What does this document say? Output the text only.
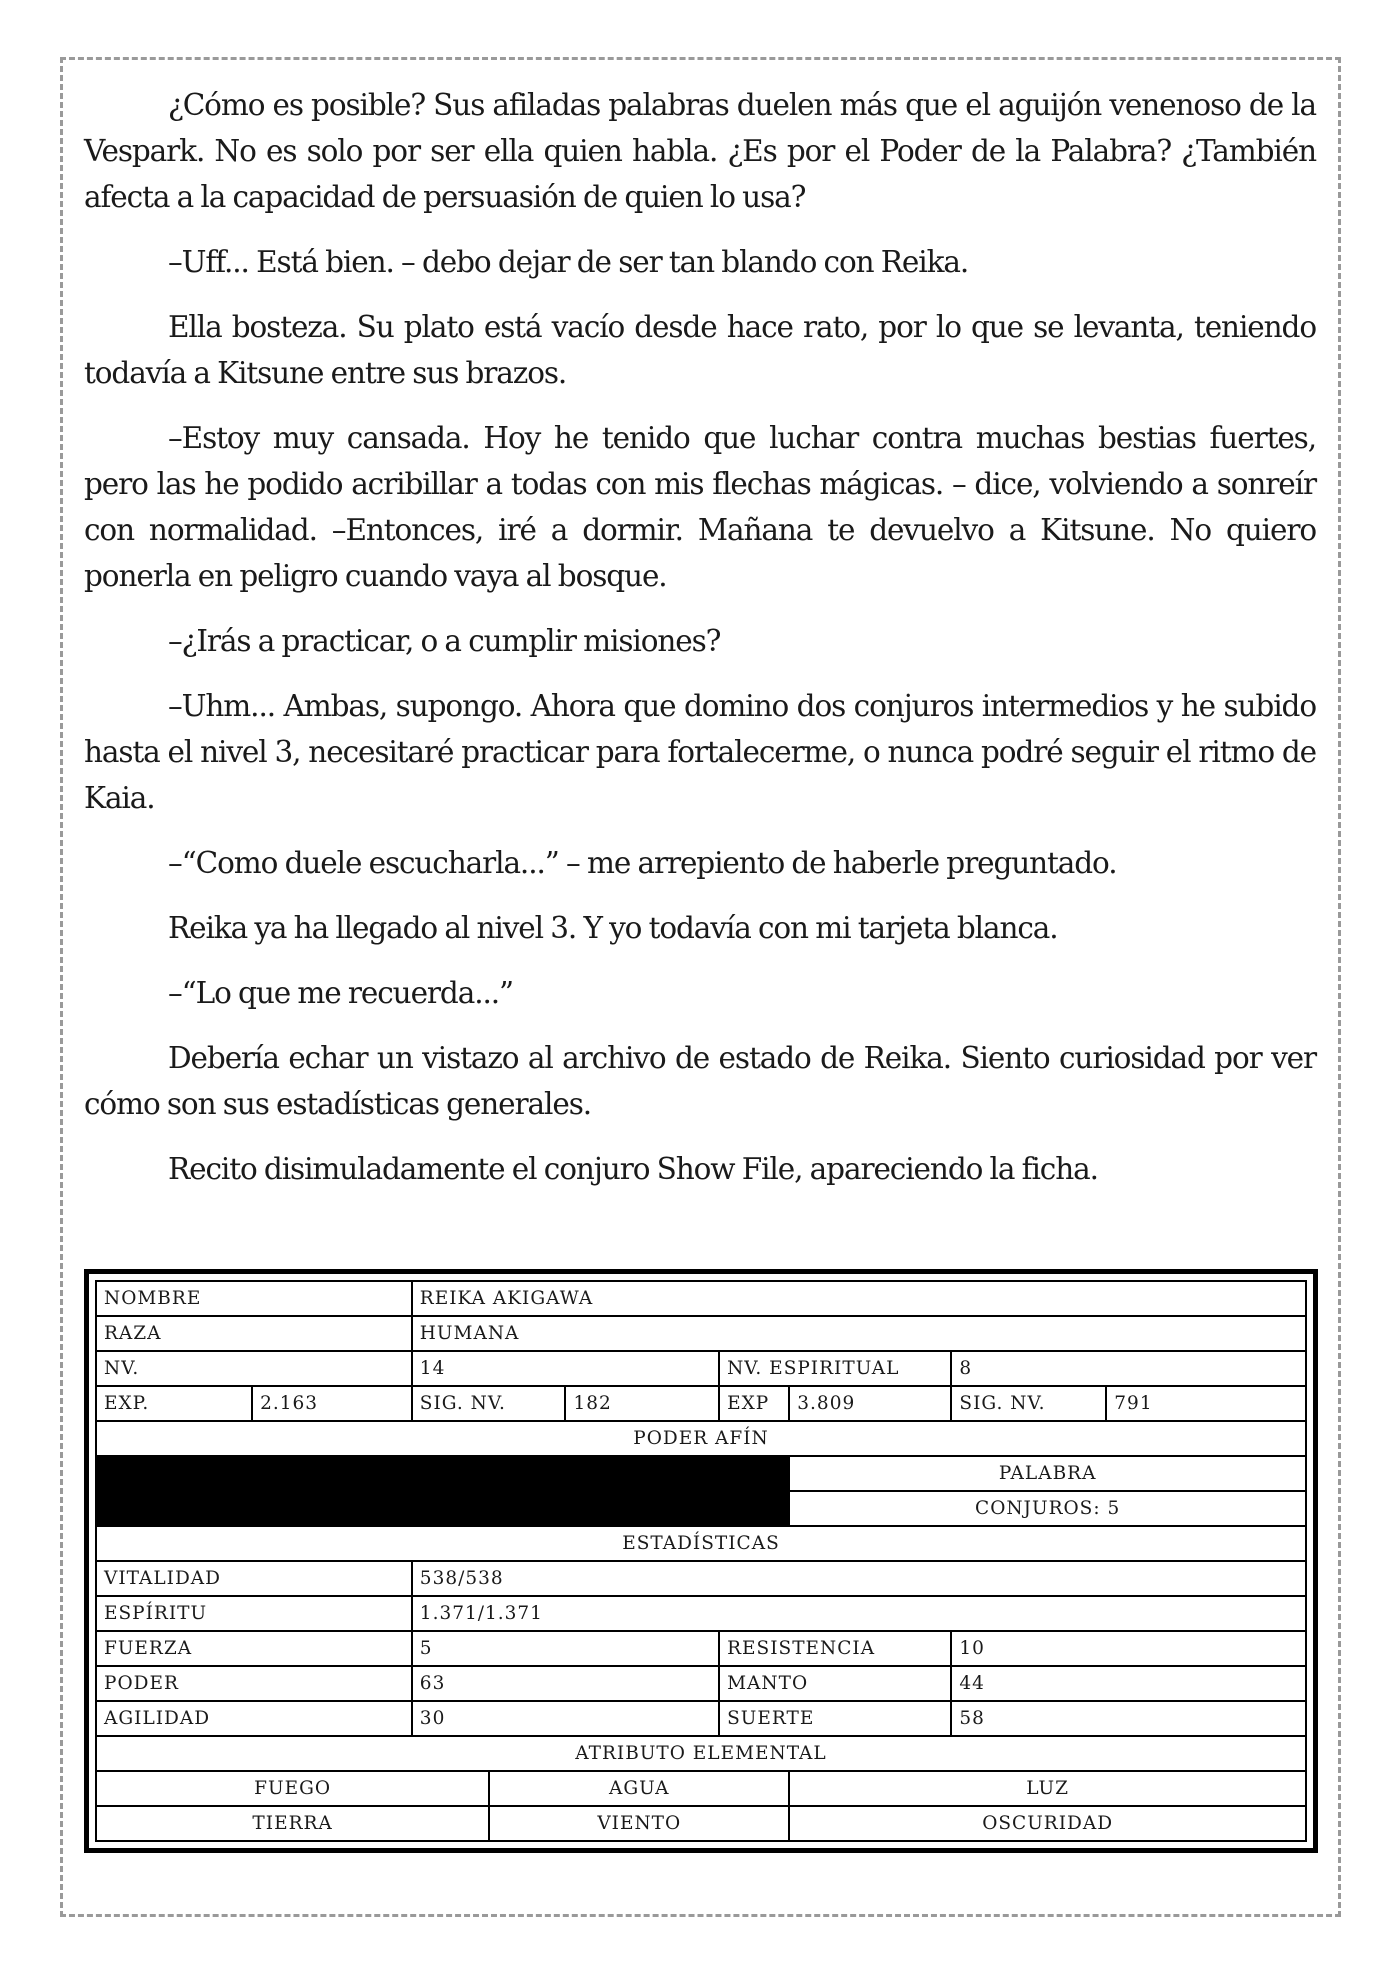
¿Cómo es posible? Sus afiladas palabras duelen más que el aguijón venenoso de la Vespark. No es solo por ser ella quien habla. ¿Es por el Poder de la Palabra? ¿También afecta a la capacidad de persuasión de quien lo usa?

–Uff... Está bien. – debo dejar de ser tan blando con Reika.

Ella bosteza. Su plato está vacío desde hace rato, por lo que se levanta, teniendo todavía a Kitsune entre sus brazos.

–Estoy muy cansada. Hoy he tenido que luchar contra muchas bestias fuertes, pero las he podido acribillar a todas con mis flechas mágicas. – dice, volviendo a sonreír con normalidad. –Entonces, iré a dormir. Mañana te devuelvo a Kitsune. No quiero ponerla en peligro cuando vaya al bosque.

–¿Irás a practicar, o a cumplir misiones?

–Uhm... Ambas, supongo. Ahora que domino dos conjuros intermedios y he subido hasta el nivel 3, necesitaré practicar para fortalecerme, o nunca podré seguir el ritmo de Kaia.

–“Como duele escucharla...” – me arrepiento de haberle preguntado.

Reika ya ha llegado al nivel 3. Y yo todavía con mi tarjeta blanca.

–“Lo que me recuerda...”

Debería echar un vistazo al archivo de estado de Reika. Siento curiosidad por ver cómo son sus estadísticas generales.

Recito disimuladamente el conjuro Show File, apareciendo la ficha.

NOMBRE		REIKA AKIGAWA						
RAZA		HUMANA						
NV.		14			NV. ESPIRITUAL		8	
EXP.	2.163	SIG. NV.		182	EXP	3.809	SIG. NV.	791
PODER AFÍN								
						PALABRA		
						CONJUROS: 5		
ESTADÍSTICAS								
VITALIDAD		538/538						
ESPÍRITU		1.371/1.371						
FUERZA		5			RESISTENCIA		10	
PODER		63			MANTO		44	
AGILIDAD		30			SUERTE		58	
ATRIBUTO ELEMENTAL								
FUEGO			AGUA			LUZ		
TIERRA			VIENTO			OSCURIDAD		
